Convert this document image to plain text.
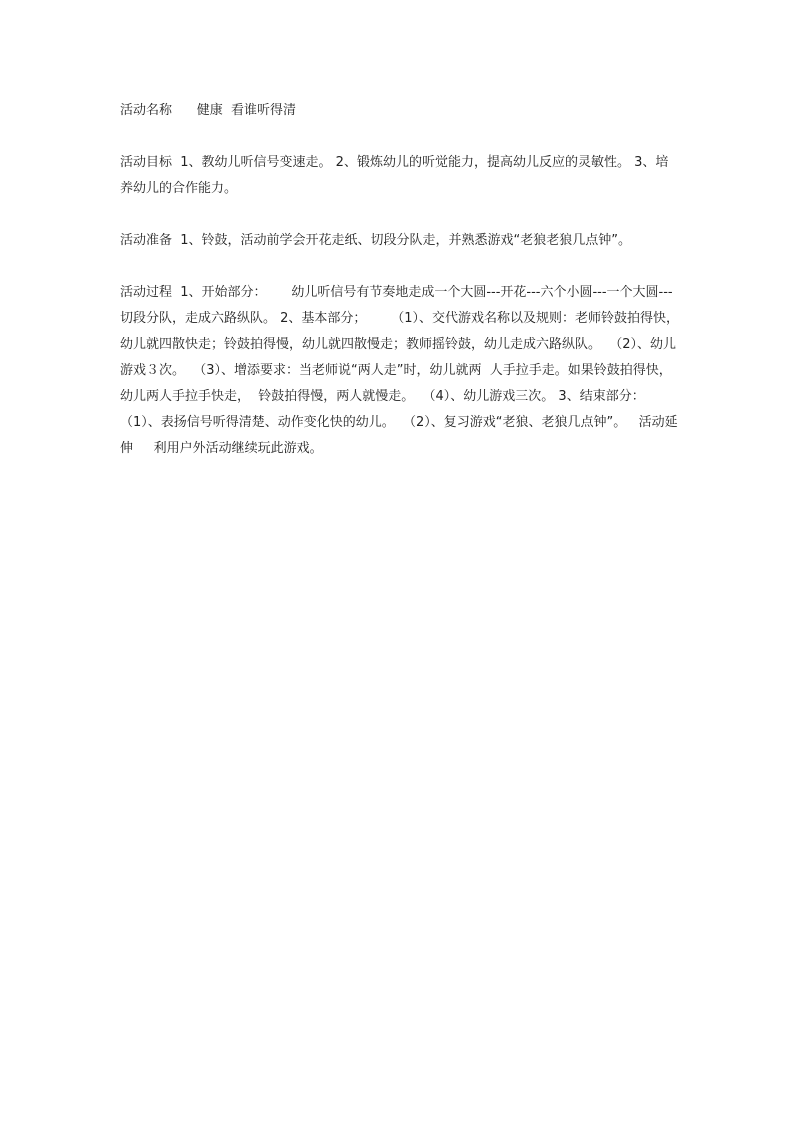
活动名称      健康  看谁听得清

活动目标  1、教幼儿听信号变速走。 2、锻炼幼儿的听觉能力，提高幼儿反应的灵敏性。 3、培养幼儿的合作能力。

活动准备  1、铃鼓，活动前学会开花走纸、切段分队走，并熟悉游戏“老狼老狼几点钟”。

活动过程  1、开始部分：      幼儿听信号有节奏地走成一个大圆---开花---六个小圆---一个大圆---切段分队，走成六路纵队。 2、基本部分；      （1）、交代游戏名称以及规则：老师铃鼓拍得快，幼儿就四散快走；铃鼓拍得慢，幼儿就四散慢走；教师摇铃鼓，幼儿走成六路纵队。  （2）、幼儿游戏３次。  （3）、增添要求：当老师说“两人走”时，幼儿就两  人手拉手走。如果铃鼓拍得快，幼儿两人手拉手快走，  铃鼓拍得慢，两人就慢走。  （4）、幼儿游戏三次。 3、结束部分：     （1）、表扬信号听得清楚、动作变化快的幼儿。  （2）、复习游戏“老狼、老狼几点钟”。   活动延伸     利用户外活动继续玩此游戏。
